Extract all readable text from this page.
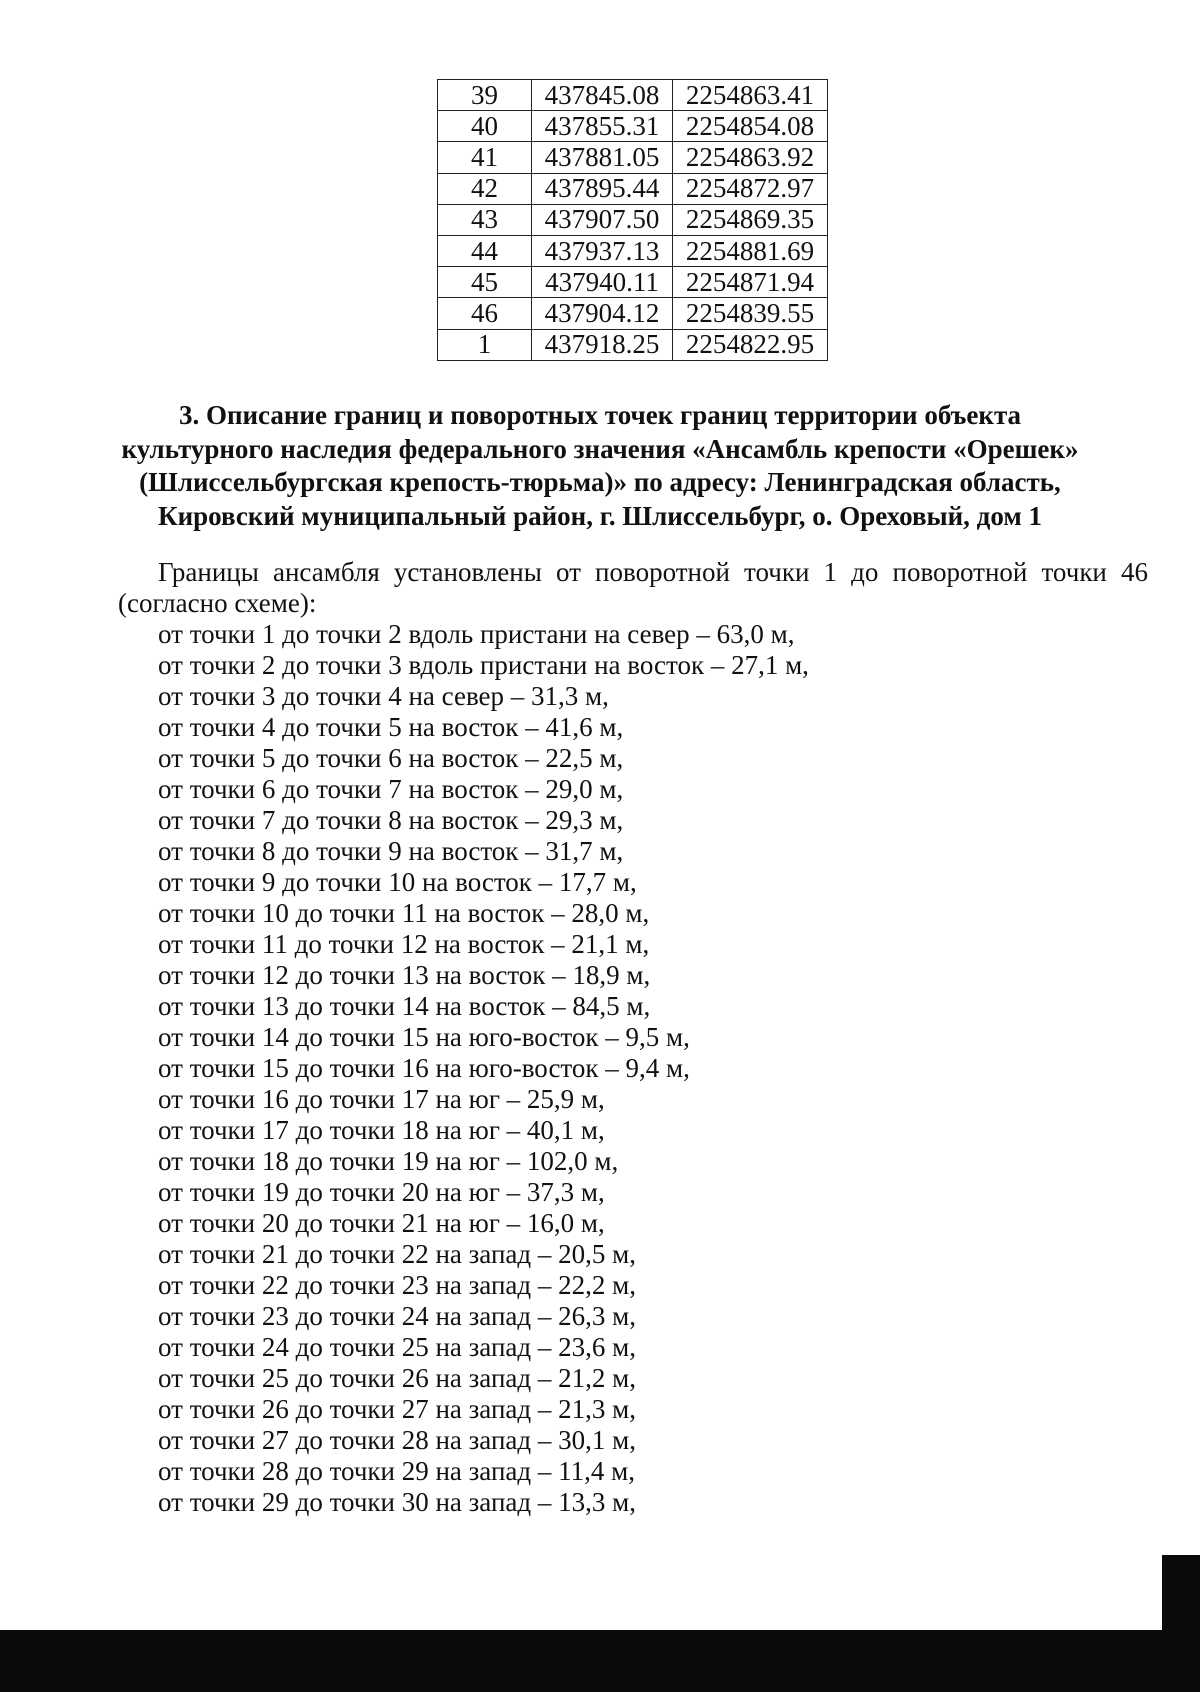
39	437845.08	2254863.41
40	437855.31	2254854.08
41	437881.05	2254863.92
42	437895.44	2254872.97
43	437907.50	2254869.35
44	437937.13	2254881.69
45	437940.11	2254871.94
46	437904.12	2254839.55
1	437918.25	2254822.95
3. Описание границ и поворотных точек границ территории объекта
культурного наследия федерального значения «Ансамбль крепости «Орешек»
(Шлиссельбургская крепость-тюрьма)» по адресу: Ленинградская область,
Кировский муниципальный район, г. Шлиссельбург, о. Ореховый, дом 1
Границы ансамбля установлены от поворотной точки 1 до поворотной точки 46 (согласно схеме):
от точки 1 до точки 2 вдоль пристани на север – 63,0 м,
от точки 2 до точки 3 вдоль пристани на восток – 27,1 м,
от точки 3 до точки 4 на север – 31,3 м,
от точки 4 до точки 5 на восток – 41,6 м,
от точки 5 до точки 6 на восток – 22,5 м,
от точки 6 до точки 7 на восток – 29,0 м,
от точки 7 до точки 8 на восток – 29,3 м,
от точки 8 до точки 9 на восток – 31,7 м,
от точки 9 до точки 10 на восток – 17,7 м,
от точки 10 до точки 11 на восток – 28,0 м,
от точки 11 до точки 12 на восток – 21,1 м,
от точки 12 до точки 13 на восток – 18,9 м,
от точки 13 до точки 14 на восток – 84,5 м,
от точки 14 до точки 15 на юго-восток – 9,5 м,
от точки 15 до точки 16 на юго-восток – 9,4 м,
от точки 16 до точки 17 на юг – 25,9 м,
от точки 17 до точки 18 на юг – 40,1 м,
от точки 18 до точки 19 на юг – 102,0 м,
от точки 19 до точки 20 на юг – 37,3 м,
от точки 20 до точки 21 на юг – 16,0 м,
от точки 21 до точки 22 на запад – 20,5 м,
от точки 22 до точки 23 на запад – 22,2 м,
от точки 23 до точки 24 на запад – 26,3 м,
от точки 24 до точки 25 на запад – 23,6 м,
от точки 25 до точки 26 на запад – 21,2 м,
от точки 26 до точки 27 на запад – 21,3 м,
от точки 27 до точки 28 на запад – 30,1 м,
от точки 28 до точки 29 на запад – 11,4 м,
от точки 29 до точки 30 на запад – 13,3 м,
